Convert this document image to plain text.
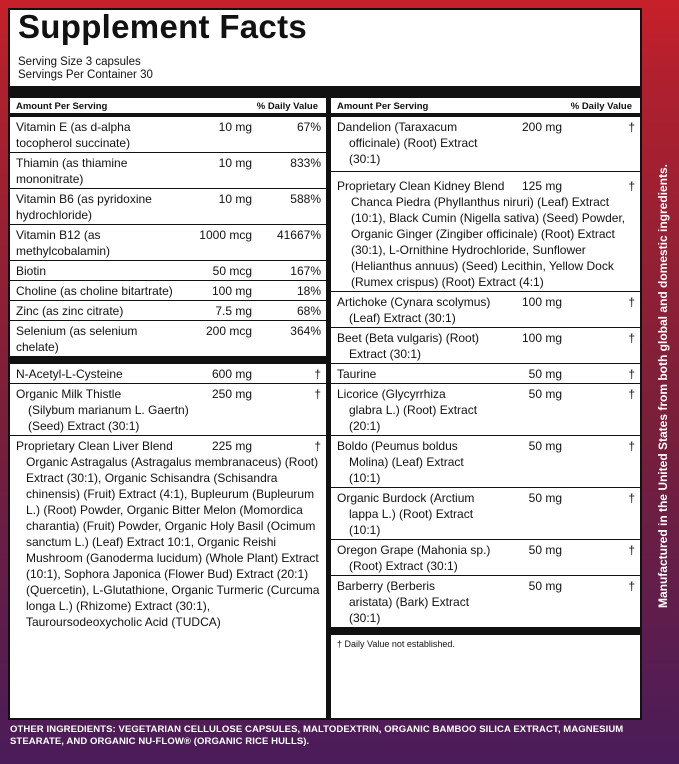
Supplement Facts
Serving Size 3 capsules
Servings Per Container 30
Amount Per Serving	% Daily Value
Vitamin E (as d-alpha tocopherol succinate)
10 mg	67%
Thiamin (as thiamine mononitrate)
10 mg	833%
Vitamin B6 (as pyridoxine hydrochloride)
10 mg	588%
Vitamin B12 (as methylcobalamin)
1000 mcg 41667%
Biotin	50 mcg	167%
Choline (as choline bitartrate)	100 mg	18%
Zinc (as zinc citrate)	7.5 mg	68%
Selenium (as selenium chelate)
200 mcg	364%
N-Acetyl-L-Cysteine	600 mg	†
Organic Milk Thistle
(Silybum marianum L. Gaertn) (Seed) Extract (30:1)
250 mg	†
Proprietary Clean Liver Blend	225 mg	†
Organic Astragalus (Astragalus membranaceus) (Root) Extract (30:1), Organic Schisandra (Schisandra chinensis) (Fruit) Extract (4:1), Bupleurum (Bupleurum L.) (Root) Powder, Organic Bitter Melon (Momordica charantia) (Fruit) Powder, Organic Holy Basil (Ocimum sanctum L.) (Leaf) Extract 10:1, Organic Reishi Mushroom (Ganoderma lucidum) (Whole Plant) Extract (10:1), Sophora Japonica (Flower Bud) Extract (20:1) (Quercetin), L-Glutathione, Organic Turmeric (Curcuma longa L.) (Rhizome) Extract (30:1), Tauroursodeoxycholic Acid (TUDCA)
Amount Per Serving	% Daily Value
Dandelion (Taraxacum
officinale) (Root) Extract (30:1)
200 mg	†
Proprietary Clean Kidney Blend 125 mg	†
Chanca Piedra (Phyllanthus niruri) (Leaf) Extract (10:1), Black Cumin (Nigella sativa) (Seed) Powder, Organic Ginger (Zingiber officinale) (Root) Extract (30:1), L-Ornithine Hydrochloride, Sunflower (Helianthus annuus) (Seed) Lecithin, Yellow Dock (Rumex crispus) (Root) Extract (4:1)
Artichoke (Cynara scolymus)
(Leaf) Extract (30:1)
100 mg	†
Beet (Beta vulgaris) (Root)
Extract (30:1)
100 mg	†
Taurine	50 mg	†
Licorice (Glycyrrhiza
glabra L.) (Root) Extract (20:1)
50 mg	†
Boldo (Peumus boldus
Molina) (Leaf) Extract (10:1)
50 mg	†
Organic Burdock (Arctium
lappa L.) (Root) Extract (10:1)
50 mg	†
Oregon Grape (Mahonia sp.)
(Root) Extract (30:1)
50 mg	†
Barberry (Berberis
aristata) (Bark) Extract (30:1)
50 mg	†
† Daily Value not established.
OTHER INGREDIENTS: VEGETARIAN CELLULOSE CAPSULES, MALTODEXTRIN, ORGANIC BAMBOO SILICA EXTRACT, MAGNESIUM STEARATE, AND ORGANIC NU-FLOW® (ORGANIC RICE HULLS).
Manufactured in the United States from both global and domestic ingredients.
